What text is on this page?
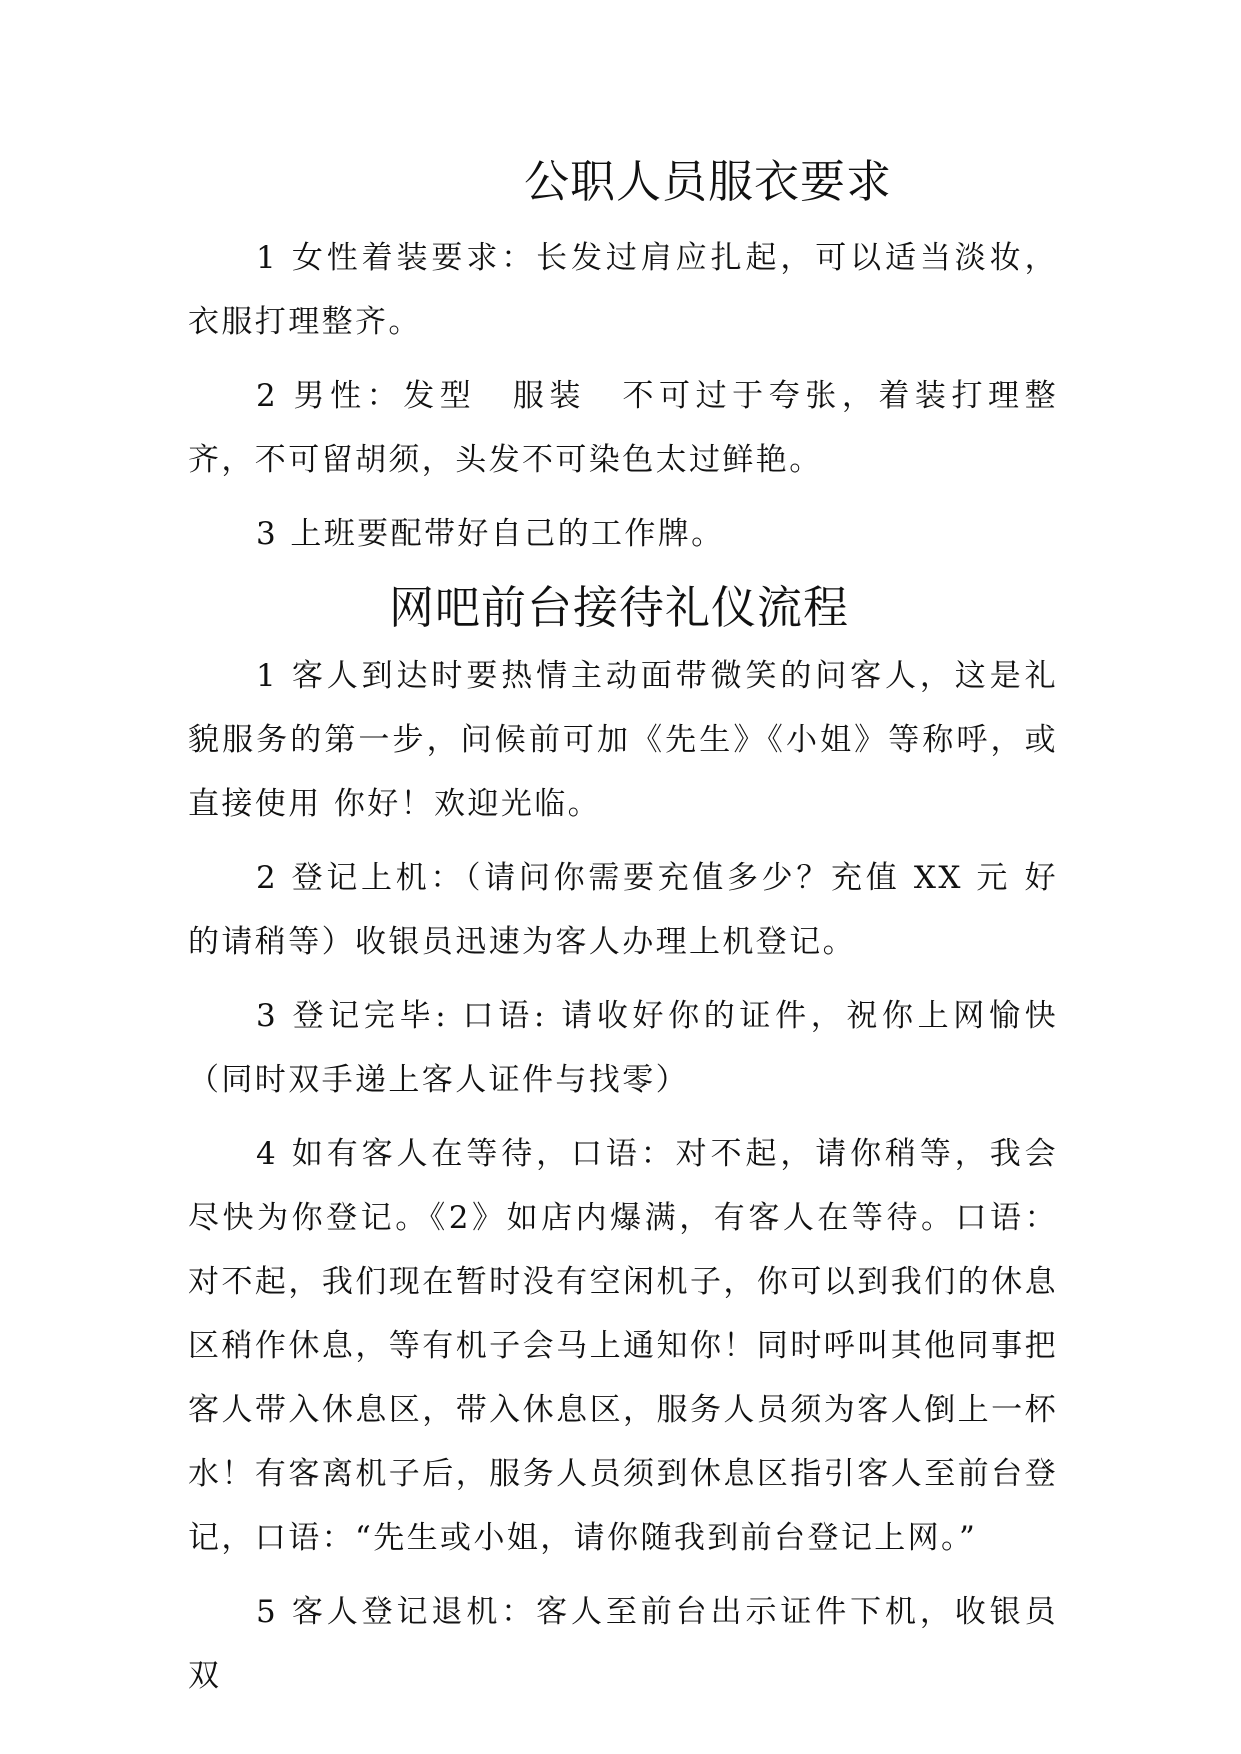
公职人员服衣要求

1 女性着装要求：长发过肩应扎起，可以适当淡妆，衣服打理整齐。

2 男性：发型　服装　不可过于夸张，着装打理整齐，不可留胡须，头发不可染色太过鲜艳。

3 上班要配带好自己的工作牌。

网吧前台接待礼仪流程

1 客人到达时要热情主动面带微笑的问客人，这是礼貌服务的第一步，问候前可加《先生》《小姐》等称呼，或直接使用 你好！欢迎光临。

2 登记上机：（请问你需要充值多少？充值 XX 元 好的请稍等）收银员迅速为客人办理上机登记。

3 登记完毕: 口语: 请收好你的证件，祝你上网愉快（同时双手递上客人证件与找零）

4 如有客人在等待，口语：对不起，请你稍等，我会尽快为你登记。《2》如店内爆满，有客人在等待。口语：对不起，我们现在暂时没有空闲机子，你可以到我们的休息区稍作休息，等有机子会马上通知你！同时呼叫其他同事把客人带入休息区，带入休息区，服务人员须为客人倒上一杯水！有客离机子后，服务人员须到休息区指引客人至前台登记，口语：“先生或小姐，请你随我到前台登记上网。”

5 客人登记退机：客人至前台出示证件下机，收银员双
